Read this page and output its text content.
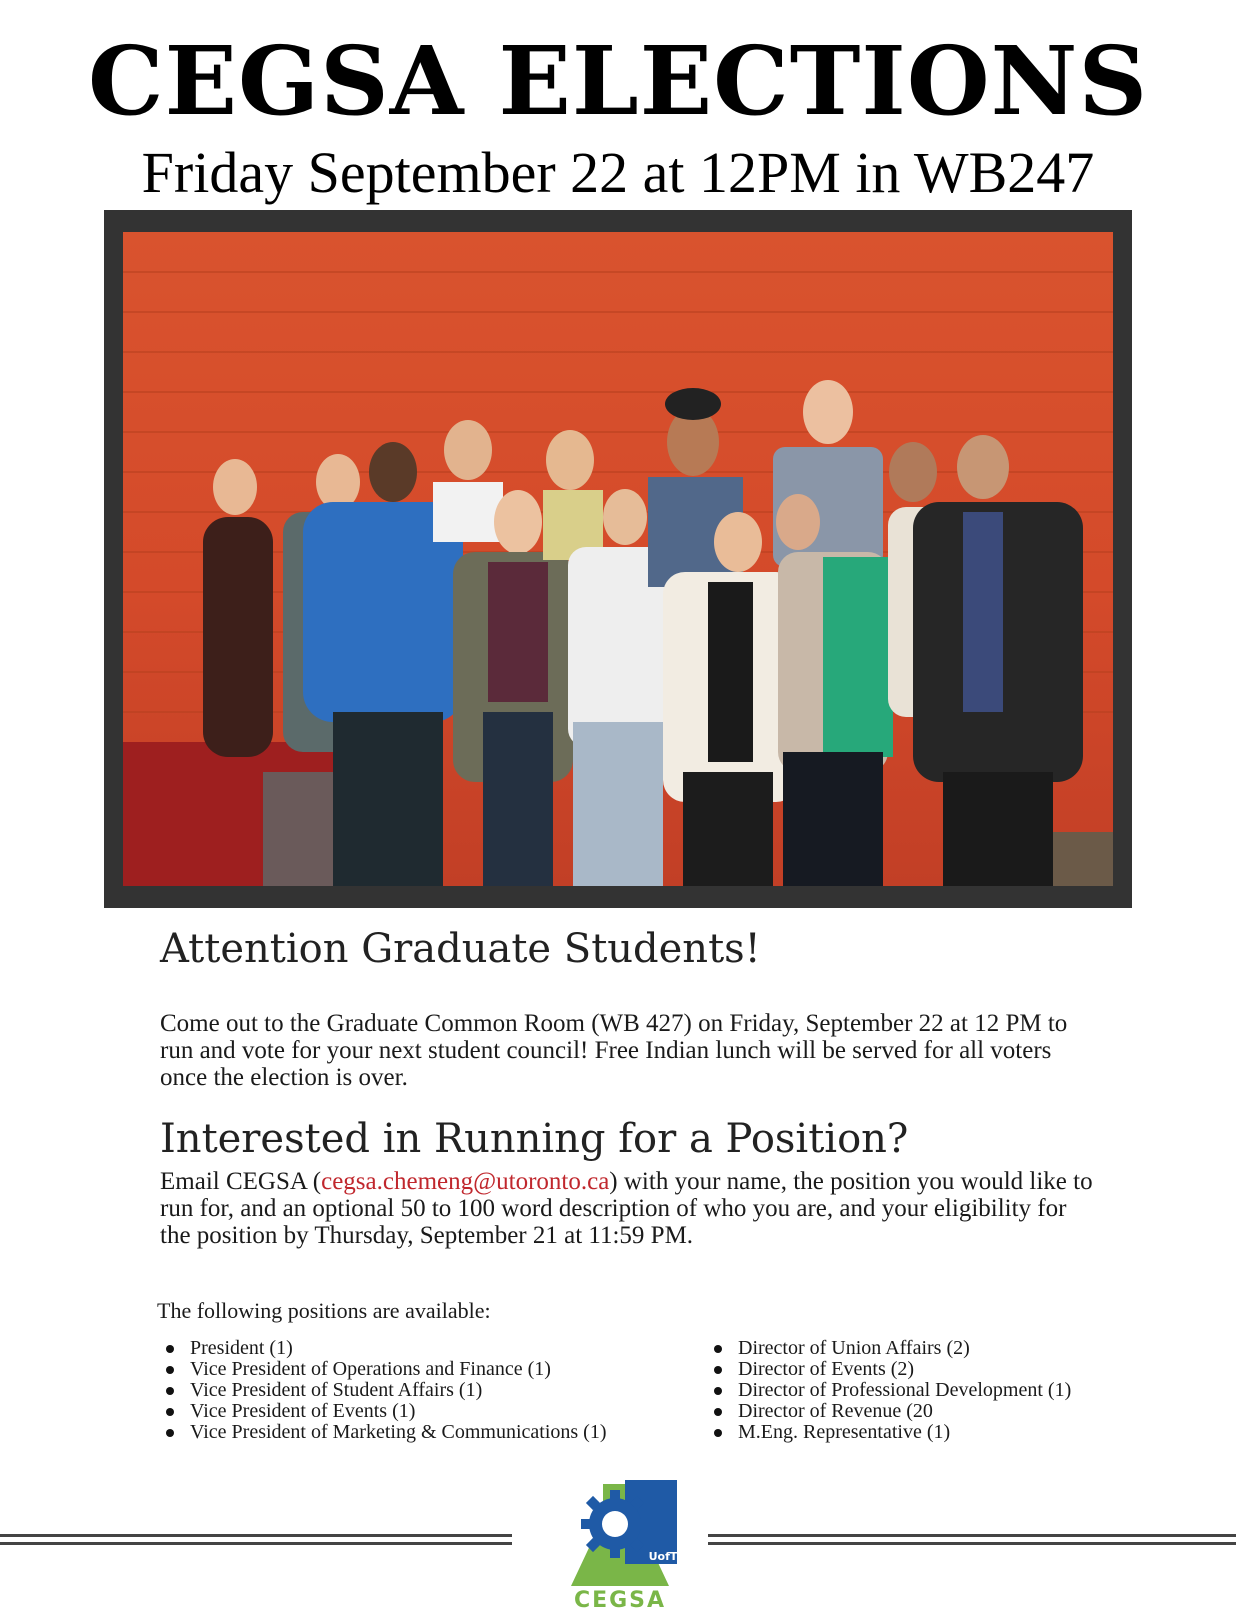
CEGSA ELECTIONS
Friday September 22 at 12PM in WB247
Attention Graduate Students!

Come out to the Graduate Common Room (WB 427) on Friday, September 22 at 12 PM to run and vote for your next student council! Free Indian lunch will be served for all voters once the election is over.

Interested in Running for a Position?

Email CEGSA (cegsa.chemeng@utoronto.ca) with your name, the position you would like to run for, and an optional 50 to 100 word description of who you are, and your eligibility for the position by Thursday, September 21 at 11:59 PM.

The following positions are available:
President (1)
Vice President of Operations and Finance (1)
Vice President of Student Affairs (1)
Vice President of Events (1)
Vice President of Marketing & Communications (1)
Director of Union Affairs (2)
Director of Events (2)
Director of Professional Development (1)
Director of Revenue (20
M.Eng. Representative (1)
UofT
CEGSA
